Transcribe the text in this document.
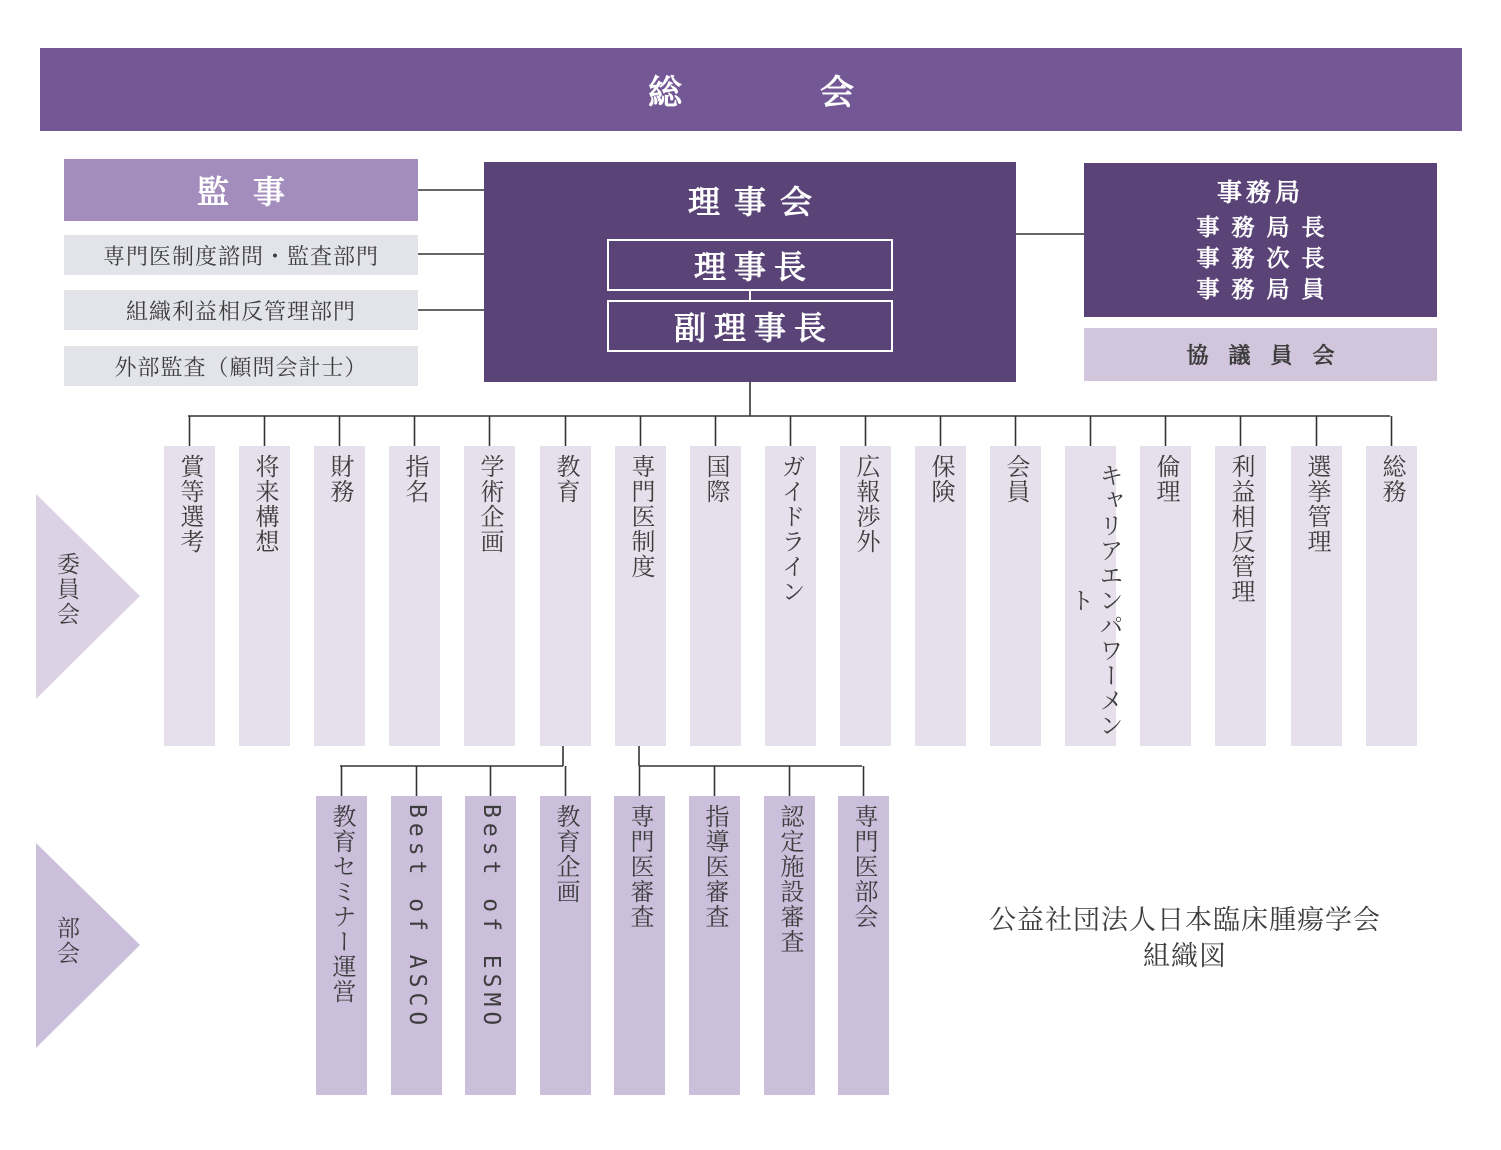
総　会
監事
専門医制度諮問・監査部門
組織利益相反管理部門
外部監査（顧問会計士）
理事会
理事長
副理事長
事務局
事務局長
事務次長
事務局員
協議員会
委員会
部会
賞等選考	将来構想	財務	指名	学術企画	教育	専門医制度	国際	ガイドライン	広報渉外	保険	会員	キャリアエンパワーメント
倫理	利益相反管理	選挙管理	総務
教育セミナー運営	Best of ASCO	Best of ESMO	教育企画	専門医審査	指導医審査	認定施設審査	専門医部会	公益社団法人日本臨床腫瘍学会
組織図
